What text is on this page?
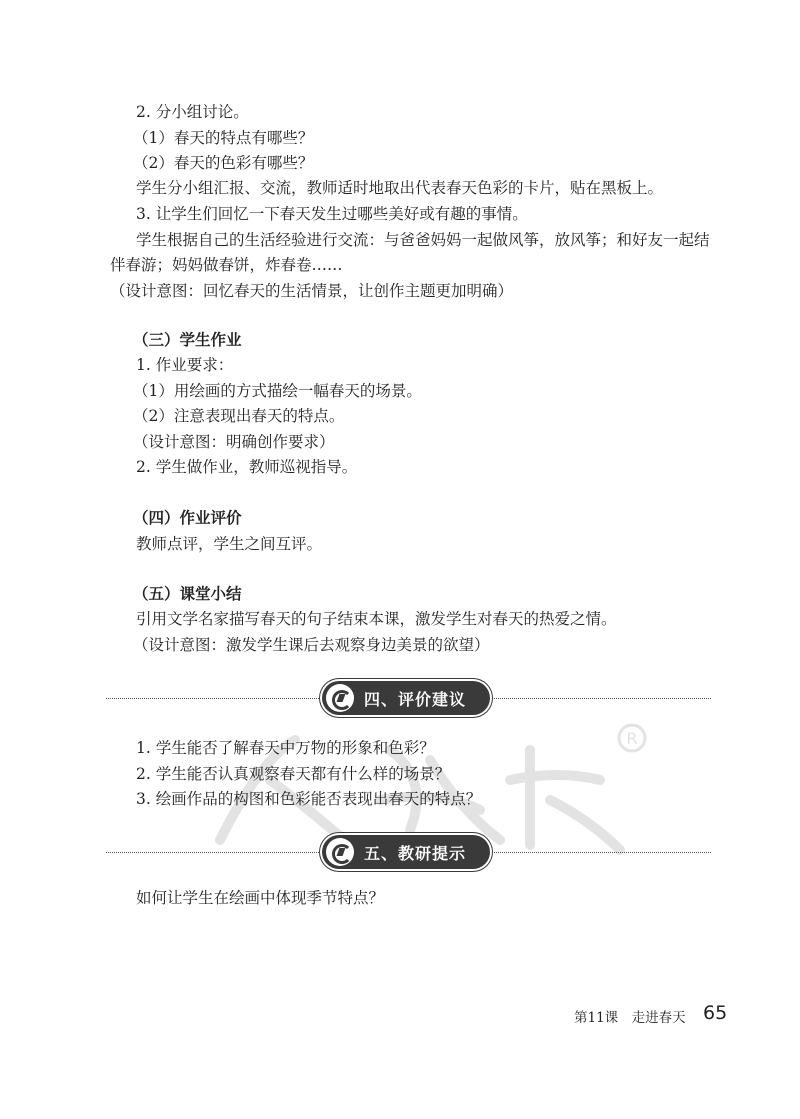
R
2. 分小组讨论。
（1）春天的特点有哪些？
（2）春天的色彩有哪些？
学生分小组汇报、交流，教师适时地取出代表春天色彩的卡片，贴在黑板上。
3. 让学生们回忆一下春天发生过哪些美好或有趣的事情。
学生根据自己的生活经验进行交流：与爸爸妈妈一起做风筝，放风筝；和好友一起结
伴春游；妈妈做春饼，炸春卷……
（设计意图：回忆春天的生活情景，让创作主题更加明确）
（三）学生作业
1. 作业要求：
（1）用绘画的方式描绘一幅春天的场景。
（2）注意表现出春天的特点。
（设计意图：明确创作要求）
2. 学生做作业，教师巡视指导。
（四）作业评价
教师点评，学生之间互评。
（五）课堂小结
引用文学名家描写春天的句子结束本课，激发学生对春天的热爱之情。
（设计意图：激发学生课后去观察身边美景的欲望）
四、评价建议
1. 学生能否了解春天中万物的形象和色彩？
2. 学生能否认真观察春天都有什么样的场景？
3. 绘画作品的构图和色彩能否表现出春天的特点？
五、教研提示
如何让学生在绘画中体现季节特点？
第11课　走进春天 65
